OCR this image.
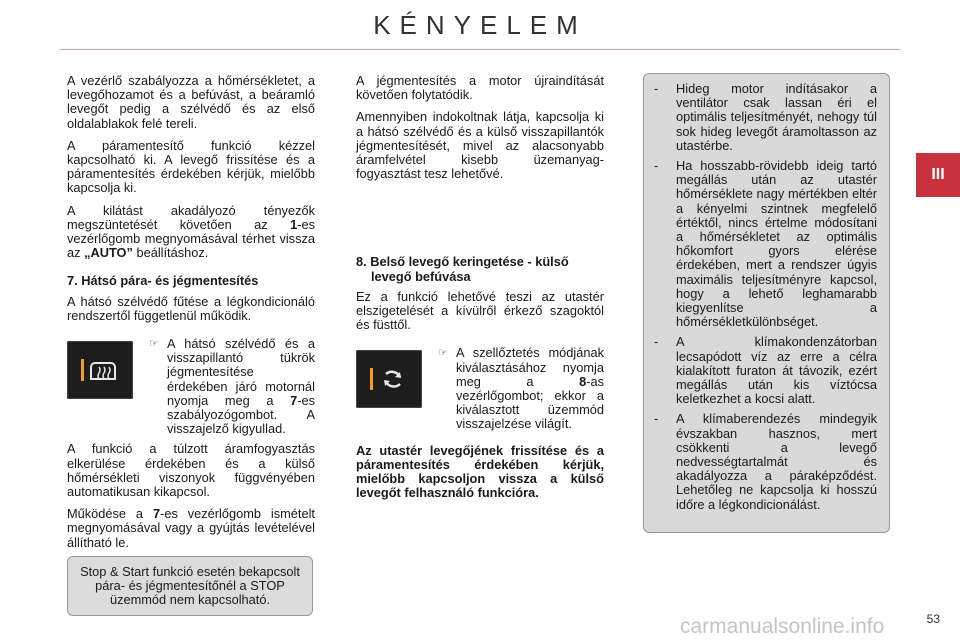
KÉNYELEM
III

A vezérlő szabályozza a hőmérsékletet, a levegőhozamot és a befúvást, a beáramló levegőt pedig a szélvédő és az első oldalablakok felé tereli.

A páramentesítő funkció kézzel kapcsolható ki. A levegő frissítése és a páramentesítés érdekében kérjük, mielőbb kapcsolja ki.

A kilátást akadályozó tényezők megszüntetését követően az 1-es vezérlőgomb megnyomásával térhet vissza az „AUTO” beállításhoz.

7. Hátsó pára- és jégmentesítés

A hátsó szélvédő fűtése a légkondicionáló rendszertől függetlenül működik.

☞ A hátsó szélvédő és a visszapillantó tükrök jégmentesítése érdekében járó motornál nyomja meg a 7-es szabályozógombot. A visszajelző kigyullad.

A funkció a túlzott áramfogyasztás elkerülése érdekében és a külső hőmérsékleti viszonyok függvényében automatikusan kikapcsol.

Működése a 7-es vezérlőgomb ismételt megnyomásával vagy a gyújtás levételével állítható le.

Stop & Start funkció esetén bekapcsolt pára- és jégmentesítőnél a STOP üzemmód nem kapcsolható.

A jégmentesítés a motor újraindítását követően folytatódik.

Amennyiben indokoltnak látja, kapcsolja ki a hátsó szélvédő és a külső visszapillantók jégmentesítését, mivel az alacsonyabb áramfelvétel kisebb üzemanyag-fogyasztást tesz lehetővé.

8. Belső levegő keringetése - külső levegő befúvása

Ez a funkció lehetővé teszi az utastér elszigetelését a kívülről érkező szagoktól és füsttől.

☞ A szellőztetés módjának kiválasztásához nyomja meg a 8-as vezérlőgombot; ekkor a kiválasztott üzemmód visszajelzése világít.

Az utastér levegőjének frissítése és a páramentesítés érdekében kérjük, mielőbb kapcsoljon vissza a külső levegőt felhasználó funkcióra.

-	Hideg motor indításakor a ventilátor csak lassan éri el optimális teljesítményét, nehogy túl sok hideg levegőt áramoltasson az utastérbe.
-	Ha hosszabb-rövidebb ideig tartó megállás után az utastér hőmérséklete nagy mértékben eltér a kényelmi szintnek megfelelő értéktől, nincs értelme módosítani a hőmérsékletet az optimális hőkomfort gyors elérése érdekében, mert a rendszer úgyis maximális teljesítményre kapcsol, hogy a lehető leghamarabb kiegyenlítse a hőmérsékletkülönbséget.
-	A klímakondenzátorban lecsapódott víz az erre a célra kialakított furaton át távozik, ezért megállás után kis víztócsa keletkezhet a kocsi alatt.
-	A klímaberendezés mindegyik évszakban hasznos, mert csökkenti a levegő nedvességtartalmát és akadályozza a páraképződést. Lehetőleg ne kapcsolja ki hosszú időre a légkondicionálást.
53
carmanualsonline.info
